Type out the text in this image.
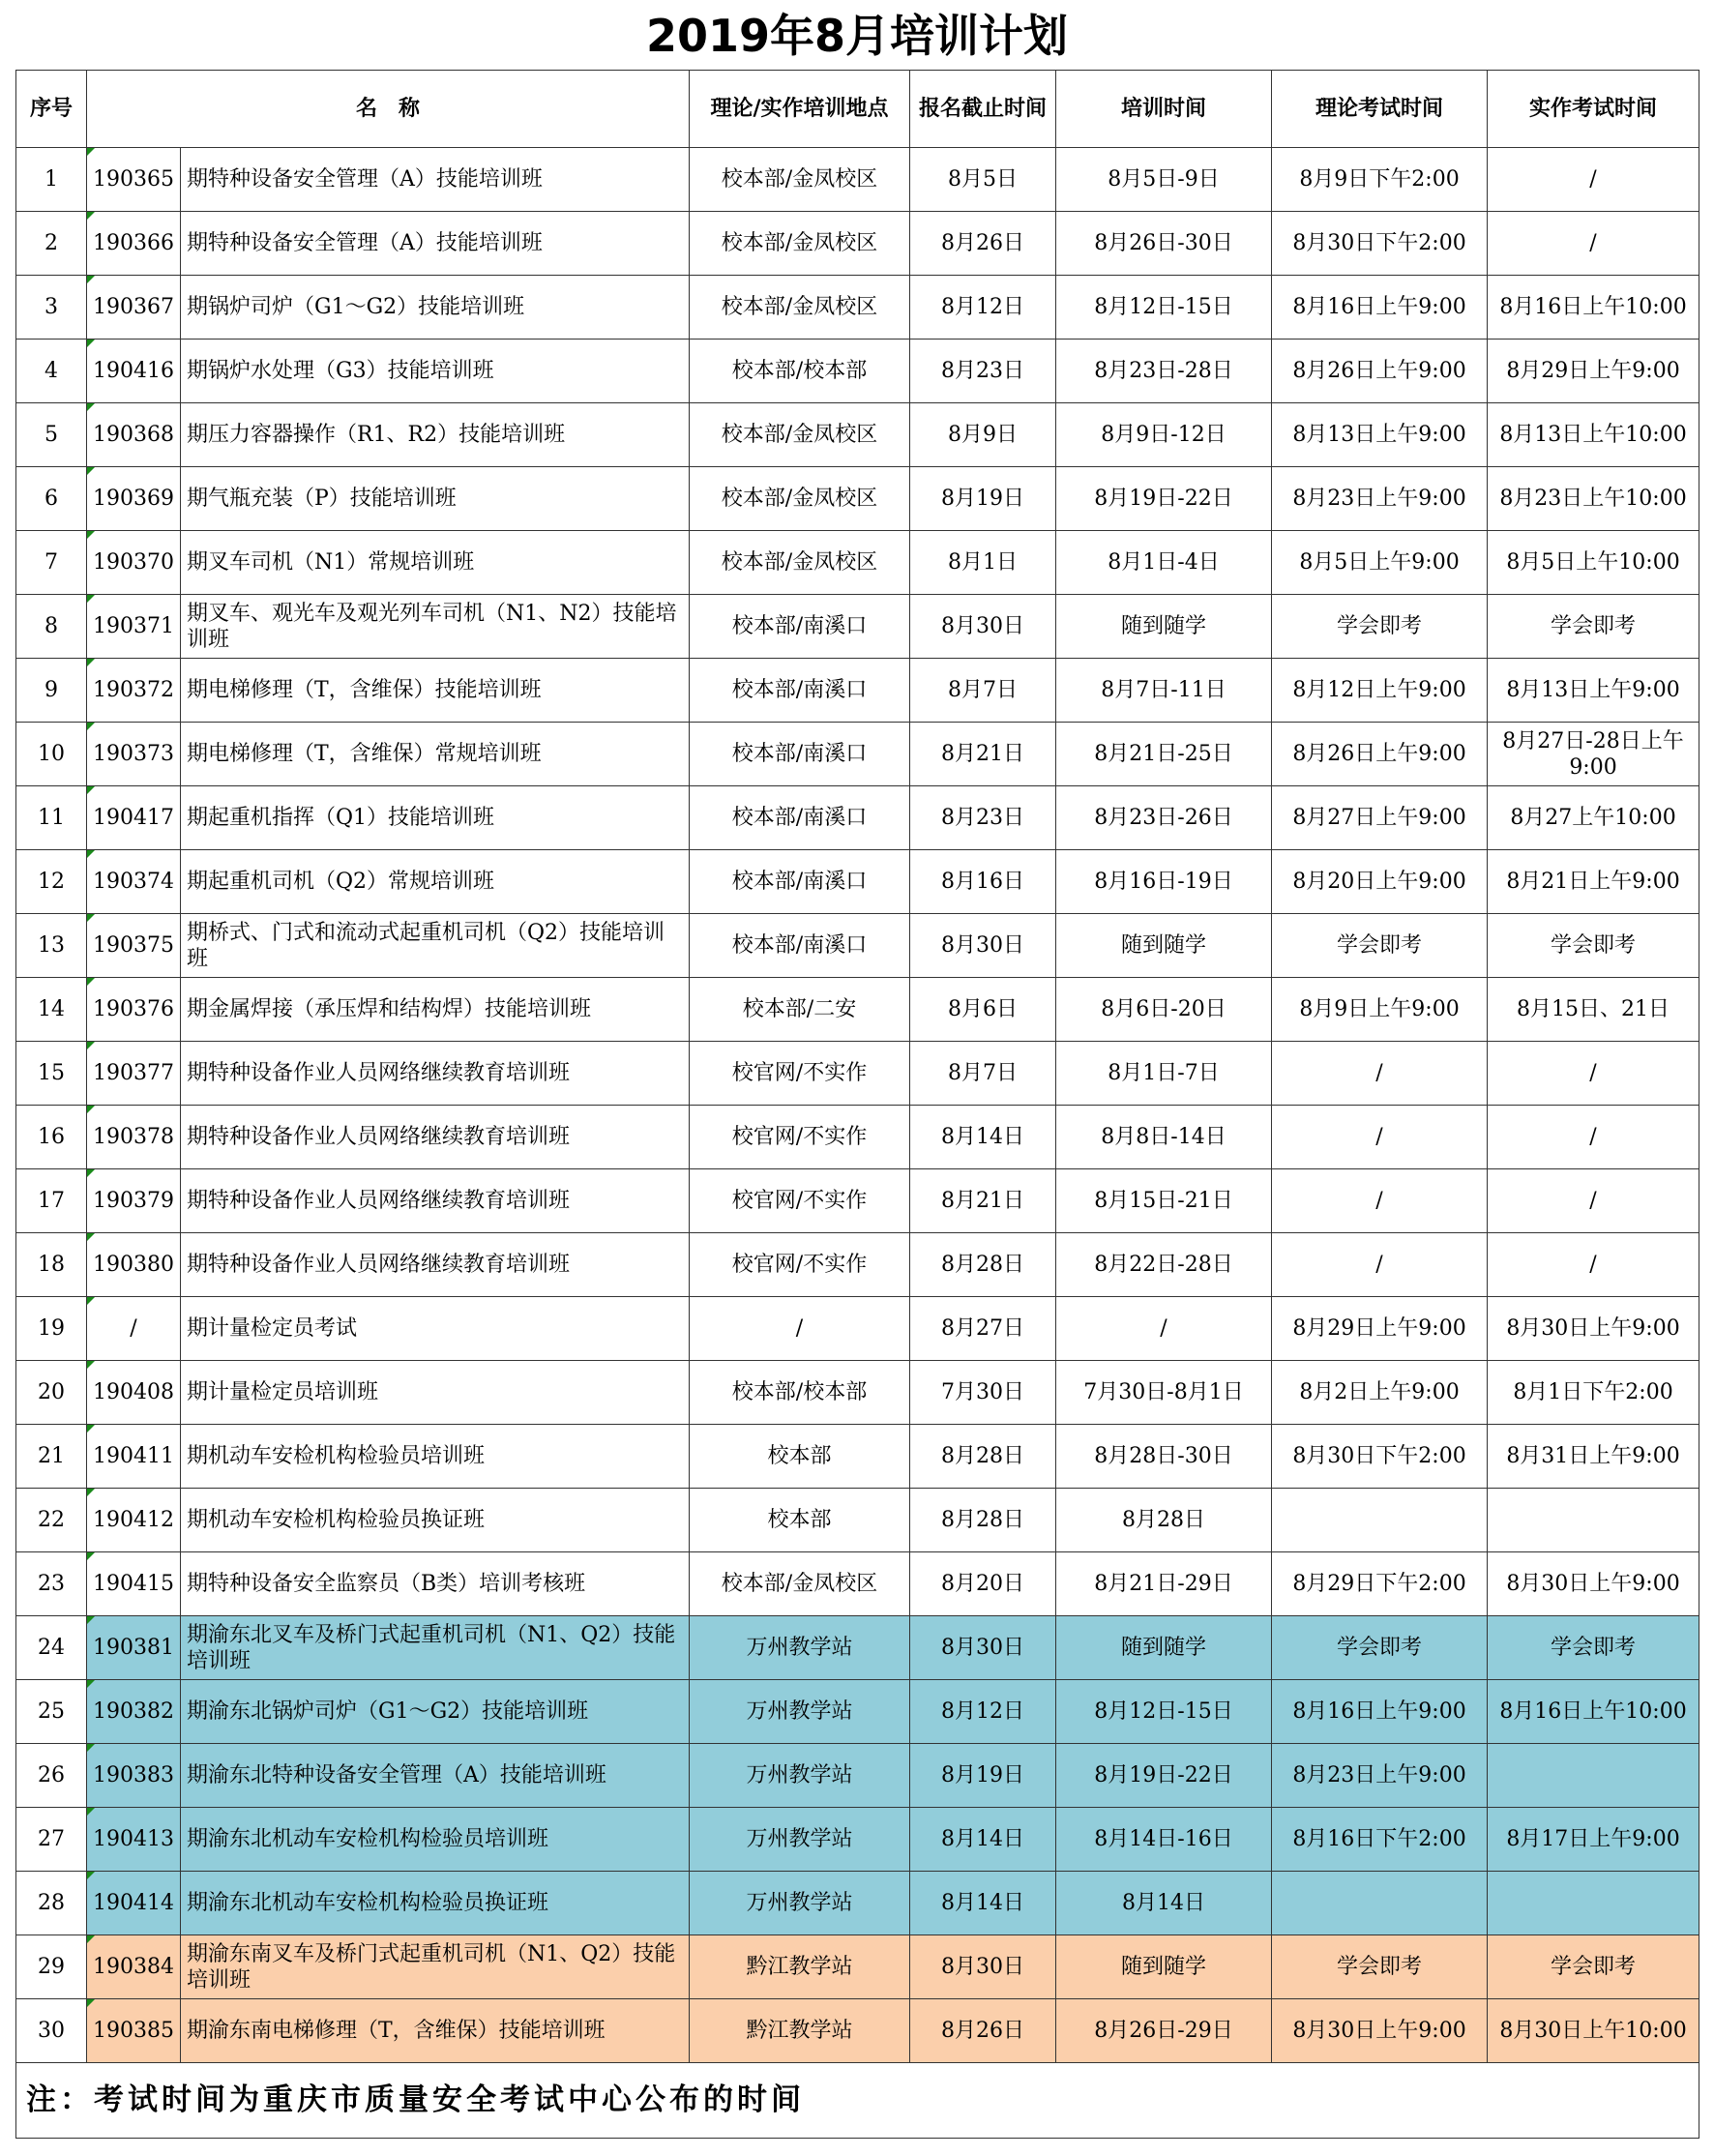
2019年8月培训计划
序号	名　称		理论/实作培训地点	报名截止时间	培训时间	理论考试时间	实作考试时间
1	190365	期特种设备安全管理（A）技能培训班	校本部/金凤校区	8月5日	8月5日-9日	8月9日下午2:00	/
2	190366	期特种设备安全管理（A）技能培训班	校本部/金凤校区	8月26日	8月26日-30日	8月30日下午2:00	/
3	190367	期锅炉司炉（G1～G2）技能培训班	校本部/金凤校区	8月12日	8月12日-15日	8月16日上午9:00	8月16日上午10:00
4	190416	期锅炉水处理（G3）技能培训班	校本部/校本部	8月23日	8月23日-28日	8月26日上午9:00	8月29日上午9:00
5	190368	期压力容器操作（R1、R2）技能培训班	校本部/金凤校区	8月9日	8月9日-12日	8月13日上午9:00	8月13日上午10:00
6	190369	期气瓶充装（P）技能培训班	校本部/金凤校区	8月19日	8月19日-22日	8月23日上午9:00	8月23日上午10:00
7	190370	期叉车司机（N1）常规培训班	校本部/金凤校区	8月1日	8月1日-4日	8月5日上午9:00	8月5日上午10:00
8	190371	期叉车、观光车及观光列车司机（N1、N2）技能培训班	校本部/南溪口	8月30日	随到随学	学会即考	学会即考
9	190372	期电梯修理（T，含维保）技能培训班	校本部/南溪口	8月7日	8月7日-11日	8月12日上午9:00	8月13日上午9:00
10	190373	期电梯修理（T，含维保）常规培训班	校本部/南溪口	8月21日	8月21日-25日	8月26日上午9:00	8月27日-28日上午9:00
11	190417	期起重机指挥（Q1）技能培训班	校本部/南溪口	8月23日	8月23日-26日	8月27日上午9:00	8月27上午10:00
12	190374	期起重机司机（Q2）常规培训班	校本部/南溪口	8月16日	8月16日-19日	8月20日上午9:00	8月21日上午9:00
13	190375	期桥式、门式和流动式起重机司机（Q2）技能培训班	校本部/南溪口	8月30日	随到随学	学会即考	学会即考
14	190376	期金属焊接（承压焊和结构焊）技能培训班	校本部/二安	8月6日	8月6日-20日	8月9日上午9:00	8月15日、21日
15	190377	期特种设备作业人员网络继续教育培训班	校官网/不实作	8月7日	8月1日-7日	/	/
16	190378	期特种设备作业人员网络继续教育培训班	校官网/不实作	8月14日	8月8日-14日	/	/
17	190379	期特种设备作业人员网络继续教育培训班	校官网/不实作	8月21日	8月15日-21日	/	/
18	190380	期特种设备作业人员网络继续教育培训班	校官网/不实作	8月28日	8月22日-28日	/	/
19	/	期计量检定员考试	/	8月27日	/	8月29日上午9:00	8月30日上午9:00
20	190408	期计量检定员培训班	校本部/校本部	7月30日	7月30日-8月1日	8月2日上午9:00	8月1日下午2:00
21	190411	期机动车安检机构检验员培训班	校本部	8月28日	8月28日-30日	8月30日下午2:00	8月31日上午9:00
22	190412	期机动车安检机构检验员换证班	校本部	8月28日	8月28日		
23	190415	期特种设备安全监察员（B类）培训考核班	校本部/金凤校区	8月20日	8月21日-29日	8月29日下午2:00	8月30日上午9:00
24	190381	期渝东北叉车及桥门式起重机司机（N1、Q2）技能培训班	万州教学站	8月30日	随到随学	学会即考	学会即考
25	190382	期渝东北锅炉司炉（G1～G2）技能培训班	万州教学站	8月12日	8月12日-15日	8月16日上午9:00	8月16日上午10:00
26	190383	期渝东北特种设备安全管理（A）技能培训班	万州教学站	8月19日	8月19日-22日	8月23日上午9:00	
27	190413	期渝东北机动车安检机构检验员培训班	万州教学站	8月14日	8月14日-16日	8月16日下午2:00	8月17日上午9:00
28	190414	期渝东北机动车安检机构检验员换证班	万州教学站	8月14日	8月14日		
29	190384	期渝东南叉车及桥门式起重机司机（N1、Q2）技能培训班	黔江教学站	8月30日	随到随学	学会即考	学会即考
30	190385	期渝东南电梯修理（T，含维保）技能培训班	黔江教学站	8月26日	8月26日-29日	8月30日上午9:00	8月30日上午10:00
注：考试时间为重庆市质量安全考试中心公布的时间							
